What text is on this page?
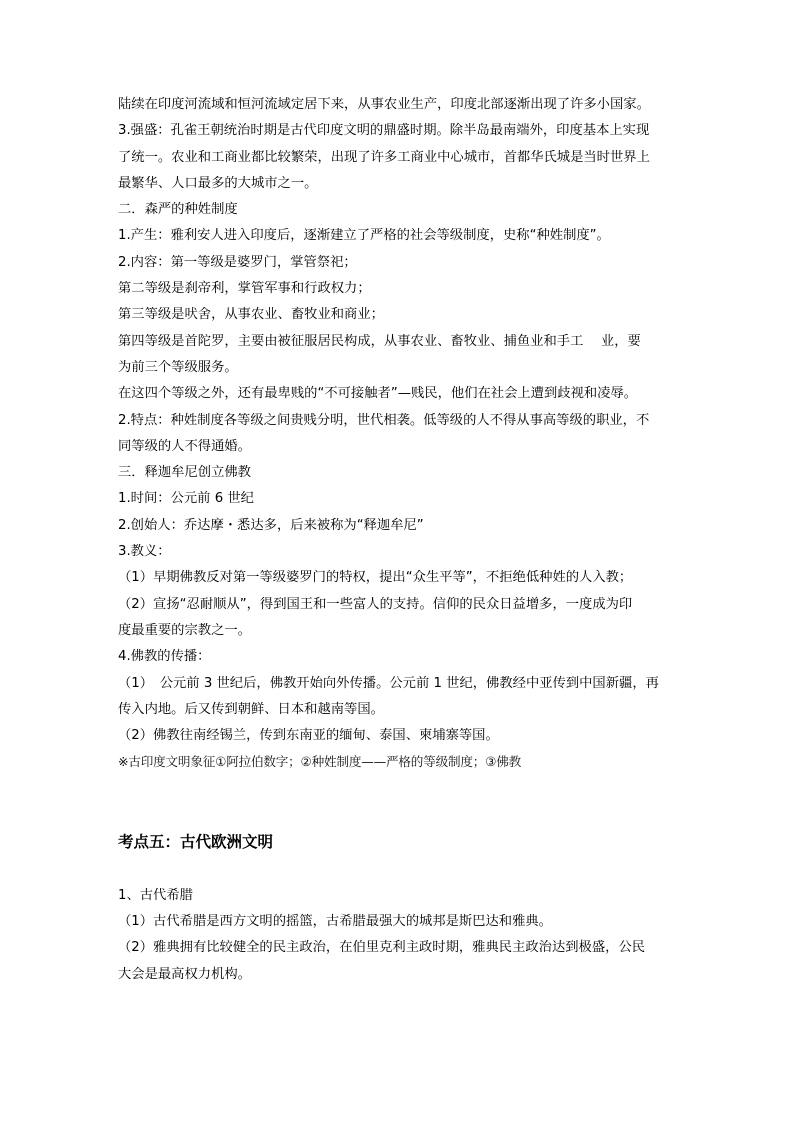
陆续在印度河流域和恒河流域定居下来，从事农业生产，印度北部逐渐出现了许多小国家。

3.强盛：孔雀王朝统治时期是古代印度文明的鼎盛时期。除半岛最南端外，印度基本上实现

了统一。农业和工商业都比较繁荣，出现了许多工商业中心城市，首都华氏城是当时世界上

最繁华、人口最多的大城市之一。

二．森严的种姓制度

1.产生：雅利安人进入印度后，逐渐建立了严格的社会等级制度，史称“种姓制度”。

2.内容：第一等级是婆罗门，掌管祭祀；

第二等级是刹帝利，掌管军事和行政权力；

第三等级是吠舍，从事农业、畜牧业和商业；

第四等级是首陀罗，主要由被征服居民构成，从事农业、畜牧业、捕鱼业和手工　 业，要

为前三个等级服务。

在这四个等级之外，还有最卑贱的“不可接触者”—贱民，他们在社会上遭到歧视和凌辱。

2.特点：种姓制度各等级之间贵贱分明，世代相袭。低等级的人不得从事高等级的职业，不

同等级的人不得通婚。

三．释迦牟尼创立佛教

1.时间：公元前 6 世纪

2.创始人：乔达摩・悉达多，后来被称为“释迦牟尼”

3.教义：

（1）早期佛教反对第一等级婆罗门的特权，提出“众生平等”，不拒绝低种姓的人入教；

（2）宣扬“忍耐顺从”，得到国王和一些富人的支持。信仰的民众日益增多，一度成为印

度最重要的宗教之一。

4.佛教的传播：

（1）　公元前 3 世纪后，佛教开始向外传播。公元前 1 世纪，佛教经中亚传到中国新疆，再

传入内地。后又传到朝鲜、日本和越南等国。

（2）佛教往南经锡兰，传到东南亚的缅甸、泰国、柬埔寨等国。

※古印度文明象征①阿拉伯数字；②种姓制度——严格的等级制度；③佛教
考点五：古代欧洲文明

1、古代希腊

（1）古代希腊是西方文明的摇篮，古希腊最强大的城邦是斯巴达和雅典。

（2）雅典拥有比较健全的民主政治，在伯里克利主政时期，雅典民主政治达到极盛，公民

大会是最高权力机构。
